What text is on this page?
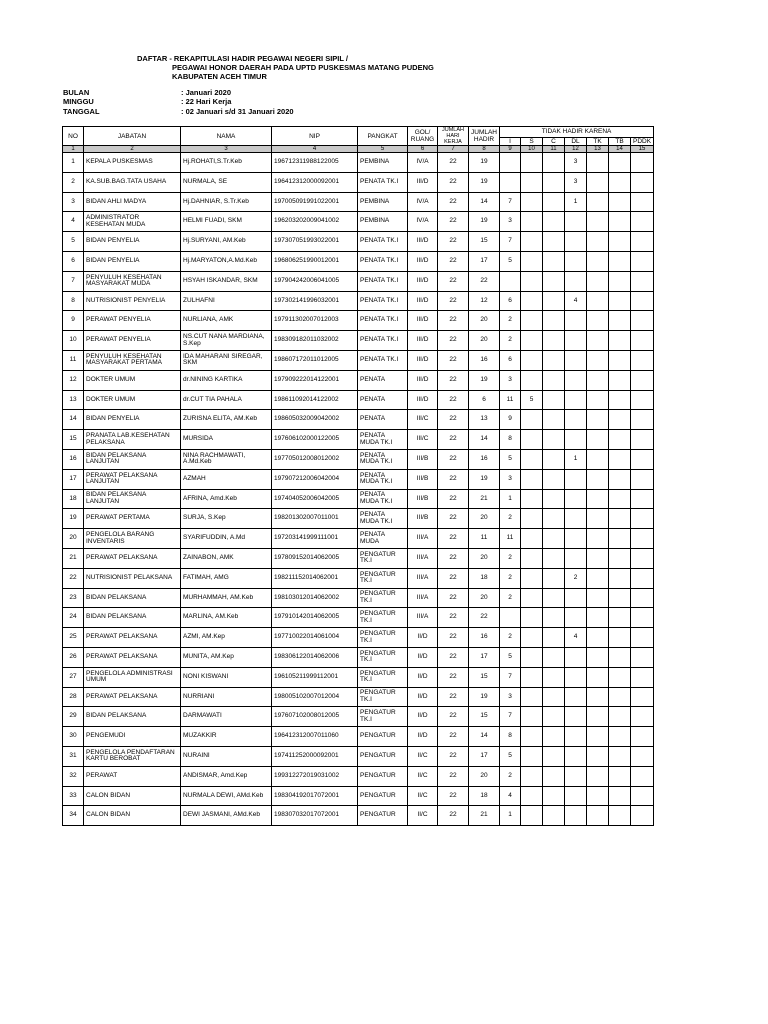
DAFTAR - REKAPITULASI HADIR PEGAWAI NEGERI SIPIL /
PEGAWAI HONOR DAERAH PADA UPTD PUSKESMAS MATANG PUDENG
KABUPATEN ACEH TIMUR
BULAN	: Januari 2020
MINGGU	: 22 Hari Kerja
TANGGAL	: 02 Januari s/d 31 Januari 2020
NO	JABATAN	NAMA	NIP	PANGKAT	GOL/ RUANG	JUMLAH HARI KERJA	JUMLAH HADIR	TIDAK HADIR KARENA						
								I	S	C	DL	TK	TB	PDDK
1	2	3	4	5	6	7	8	9	10	11	12	13	14	15
1	KEPALA PUSKESMAS	Hj.ROHATI,S.Tr.Keb	196712311988122005	PEMBINA	IV/A	22	19				3			
2	KA.SUB.BAG.TATA USAHA	NURMALA, SE	196412312000092001	PENATA TK.I	III/D	22	19				3			
3	BIDAN AHLI MADYA	Hj.DAHNIAR, S.Tr.Keb	197005091991022001	PEMBINA	IV/A	22	14	7			1			
4	ADMINISTRATOR KESEHATAN MUDA	HELMI FUADI, SKM	196203202009041002	PEMBINA	IV/A	22	19	3						
5	BIDAN PENYELIA	Hj.SURYANI, AM.Keb	197307051993022001	PENATA TK.I	III/D	22	15	7						
6	BIDAN PENYELIA	Hj.MARYATON,A.Md.Keb	196806251990012001	PENATA TK.I	III/D	22	17	5						
7	PENYULUH KESEHATAN MASYARAKAT MUDA	HSYAH ISKANDAR, SKM	197904242006041005	PENATA TK.I	III/D	22	22							
8	NUTRISIONIST PENYELIA	ZULHAFNI	197302141996032001	PENATA TK.I	III/D	22	12	6			4			
9	PERAWAT PENYELIA	NURLIANA, AMK	197911302007012003	PENATA TK.I	III/D	22	20	2						
10	PERAWAT PENYELIA	NS.CUT NANA MARDIANA, S.Kep	198309182011032002	PENATA TK.I	III/D	22	20	2						
11	PENYULUH KESEHATAN MASYARAKAT PERTAMA	IDA MAHARANI SIREGAR, SKM	198607172011012005	PENATA TK.I	III/D	22	16	6						
12	DOKTER UMUM	dr.NINING KARTIKA	197909222014122001	PENATA	III/D	22	19	3						
13	DOKTER UMUM	dr.CUT TIA PAHALA	198611092014122002	PENATA	III/D	22	6	11	5					
14	BIDAN PENYELIA	ZURISNA ELITA, AM.Keb	198605032009042002	PENATA	III/C	22	13	9						
15	PRANATA LAB.KESEHATAN PELAKSANA	MURSIDA	197606102000122005	PENATA MUDA TK.I	III/C	22	14	8						
16	BIDAN PELAKSANA LANJUTAN	NINA RACHMAWATI, A.Md.Keb	197705012008012002	PENATA MUDA TK.I	III/B	22	16	5			1			
17	PERAWAT PELAKSANA LANJUTAN	AZMAH	197907212006042004	PENATA MUDA TK.I	III/B	22	19	3						
18	BIDAN PELAKSANA LANJUTAN	AFRINA, Amd.Keb	197404052006042005	PENATA MUDA TK.I	III/B	22	21	1						
19	PERAWAT PERTAMA	SURJA, S.Kep	198201302007011001	PENATA MUDA TK.I	III/B	22	20	2						
20	PENGELOLA BARANG INVENTARIS	SYARIFUDDIN, A.Md	197203141999111001	PENATA MUDA	III/A	22	11	11						
21	PERAWAT PELAKSANA	ZAINABON, AMK	197809152014062005	PENGATUR TK.I	III/A	22	20	2						
22	NUTRISIONIST PELAKSANA	FATIMAH, AMG	198211152014062001	PENGATUR TK.I	III/A	22	18	2			2			
23	BIDAN PELAKSANA	MURHAMMAH, AM.Keb	198103012014062002	PENGATUR TK.I	III/A	22	20	2						
24	BIDAN PELAKSANA	MARLINA, AM.Keb	197910142014062005	PENGATUR TK.I	III/A	22	22							
25	PERAWAT PELAKSANA	AZMI, AM.Kep	197710022014061004	PENGATUR TK.I	II/D	22	16	2			4			
26	PERAWAT PELAKSANA	MUNITA, AM.Kep	198306122014062006	PENGATUR TK.I	II/D	22	17	5						
27	PENGELOLA ADMINISTRASI UMUM	NONI KISWANI	196105211999112001	PENGATUR TK.I	II/D	22	15	7						
28	PERAWAT PELAKSANA	NURRIANI	198005102007012004	PENGATUR TK.I	II/D	22	19	3						
29	BIDAN PELAKSANA	DARMAWATI	197607102008012005	PENGATUR TK.I	II/D	22	15	7						
30	PENGEMUDI	MUZAKKIR	196412312007011060	PENGATUR	II/D	22	14	8						
31	PENGELOLA PENDAFTARAN KARTU BEROBAT	NURAINI	197411252000092001	PENGATUR	II/C	22	17	5						
32	PERAWAT	ANDISMAR, Amd.Kep	199312272019031002	PENGATUR	II/C	22	20	2						
33	CALON BIDAN	NURMALA DEWI, AMd.Keb	198304192017072001	PENGATUR	II/C	22	18	4						
34	CALON BIDAN	DEWI JASMANI, AMd.Keb	198307032017072001	PENGATUR	II/C	22	21	1						
